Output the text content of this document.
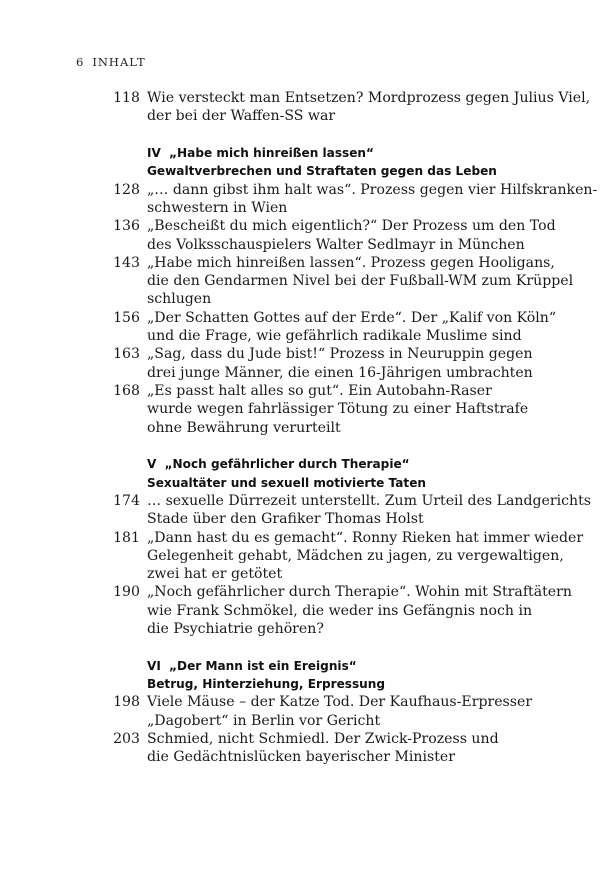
6 INHALT
118 Wie versteckt man Entsetzen? Mordprozess gegen Julius Viel,
der bei der Waffen-SS war
IV „Habe mich hinreißen lassen“
Gewaltverbrechen und Straftaten gegen das Leben
128 „… dann gibst ihm halt was“. Prozess gegen vier Hilfskranken-
schwestern in Wien
136 „Bescheißt du mich eigentlich?“ Der Prozess um den Tod
des Volksschauspielers Walter Sedlmayr in München
143 „Habe mich hinreißen lassen“. Prozess gegen Hooligans,
die den Gendarmen Nivel bei der Fußball-WM zum Krüppel
schlugen
156 „Der Schatten Gottes auf der Erde“. Der „Kalif von Köln“
und die Frage, wie gefährlich radikale Muslime sind
163 „Sag, dass du Jude bist!“ Prozess in Neuruppin gegen
drei junge Männer, die einen 16-Jährigen umbrachten
168 „Es passt halt alles so gut“. Ein Autobahn-Raser
wurde wegen fahrlässiger Tötung zu einer Haftstrafe
ohne Bewährung verurteilt
V „Noch gefährlicher durch Therapie“
Sexualtäter und sexuell motivierte Taten
174 … sexuelle Dürrezeit unterstellt. Zum Urteil des Landgerichts
Stade über den Grafiker Thomas Holst
181 „Dann hast du es gemacht“. Ronny Rieken hat immer wieder
Gelegenheit gehabt, Mädchen zu jagen, zu vergewaltigen,
zwei hat er getötet
190 „Noch gefährlicher durch Therapie“. Wohin mit Straftätern
wie Frank Schmökel, die weder ins Gefängnis noch in
die Psychiatrie gehören?
VI „Der Mann ist ein Ereignis“
Betrug, Hinterziehung, Erpressung
198 Viele Mäuse – der Katze Tod. Der Kaufhaus-Erpresser
„Dagobert“ in Berlin vor Gericht
203 Schmied, nicht Schmiedl. Der Zwick-Prozess und
die Gedächtnislücken bayerischer Minister
